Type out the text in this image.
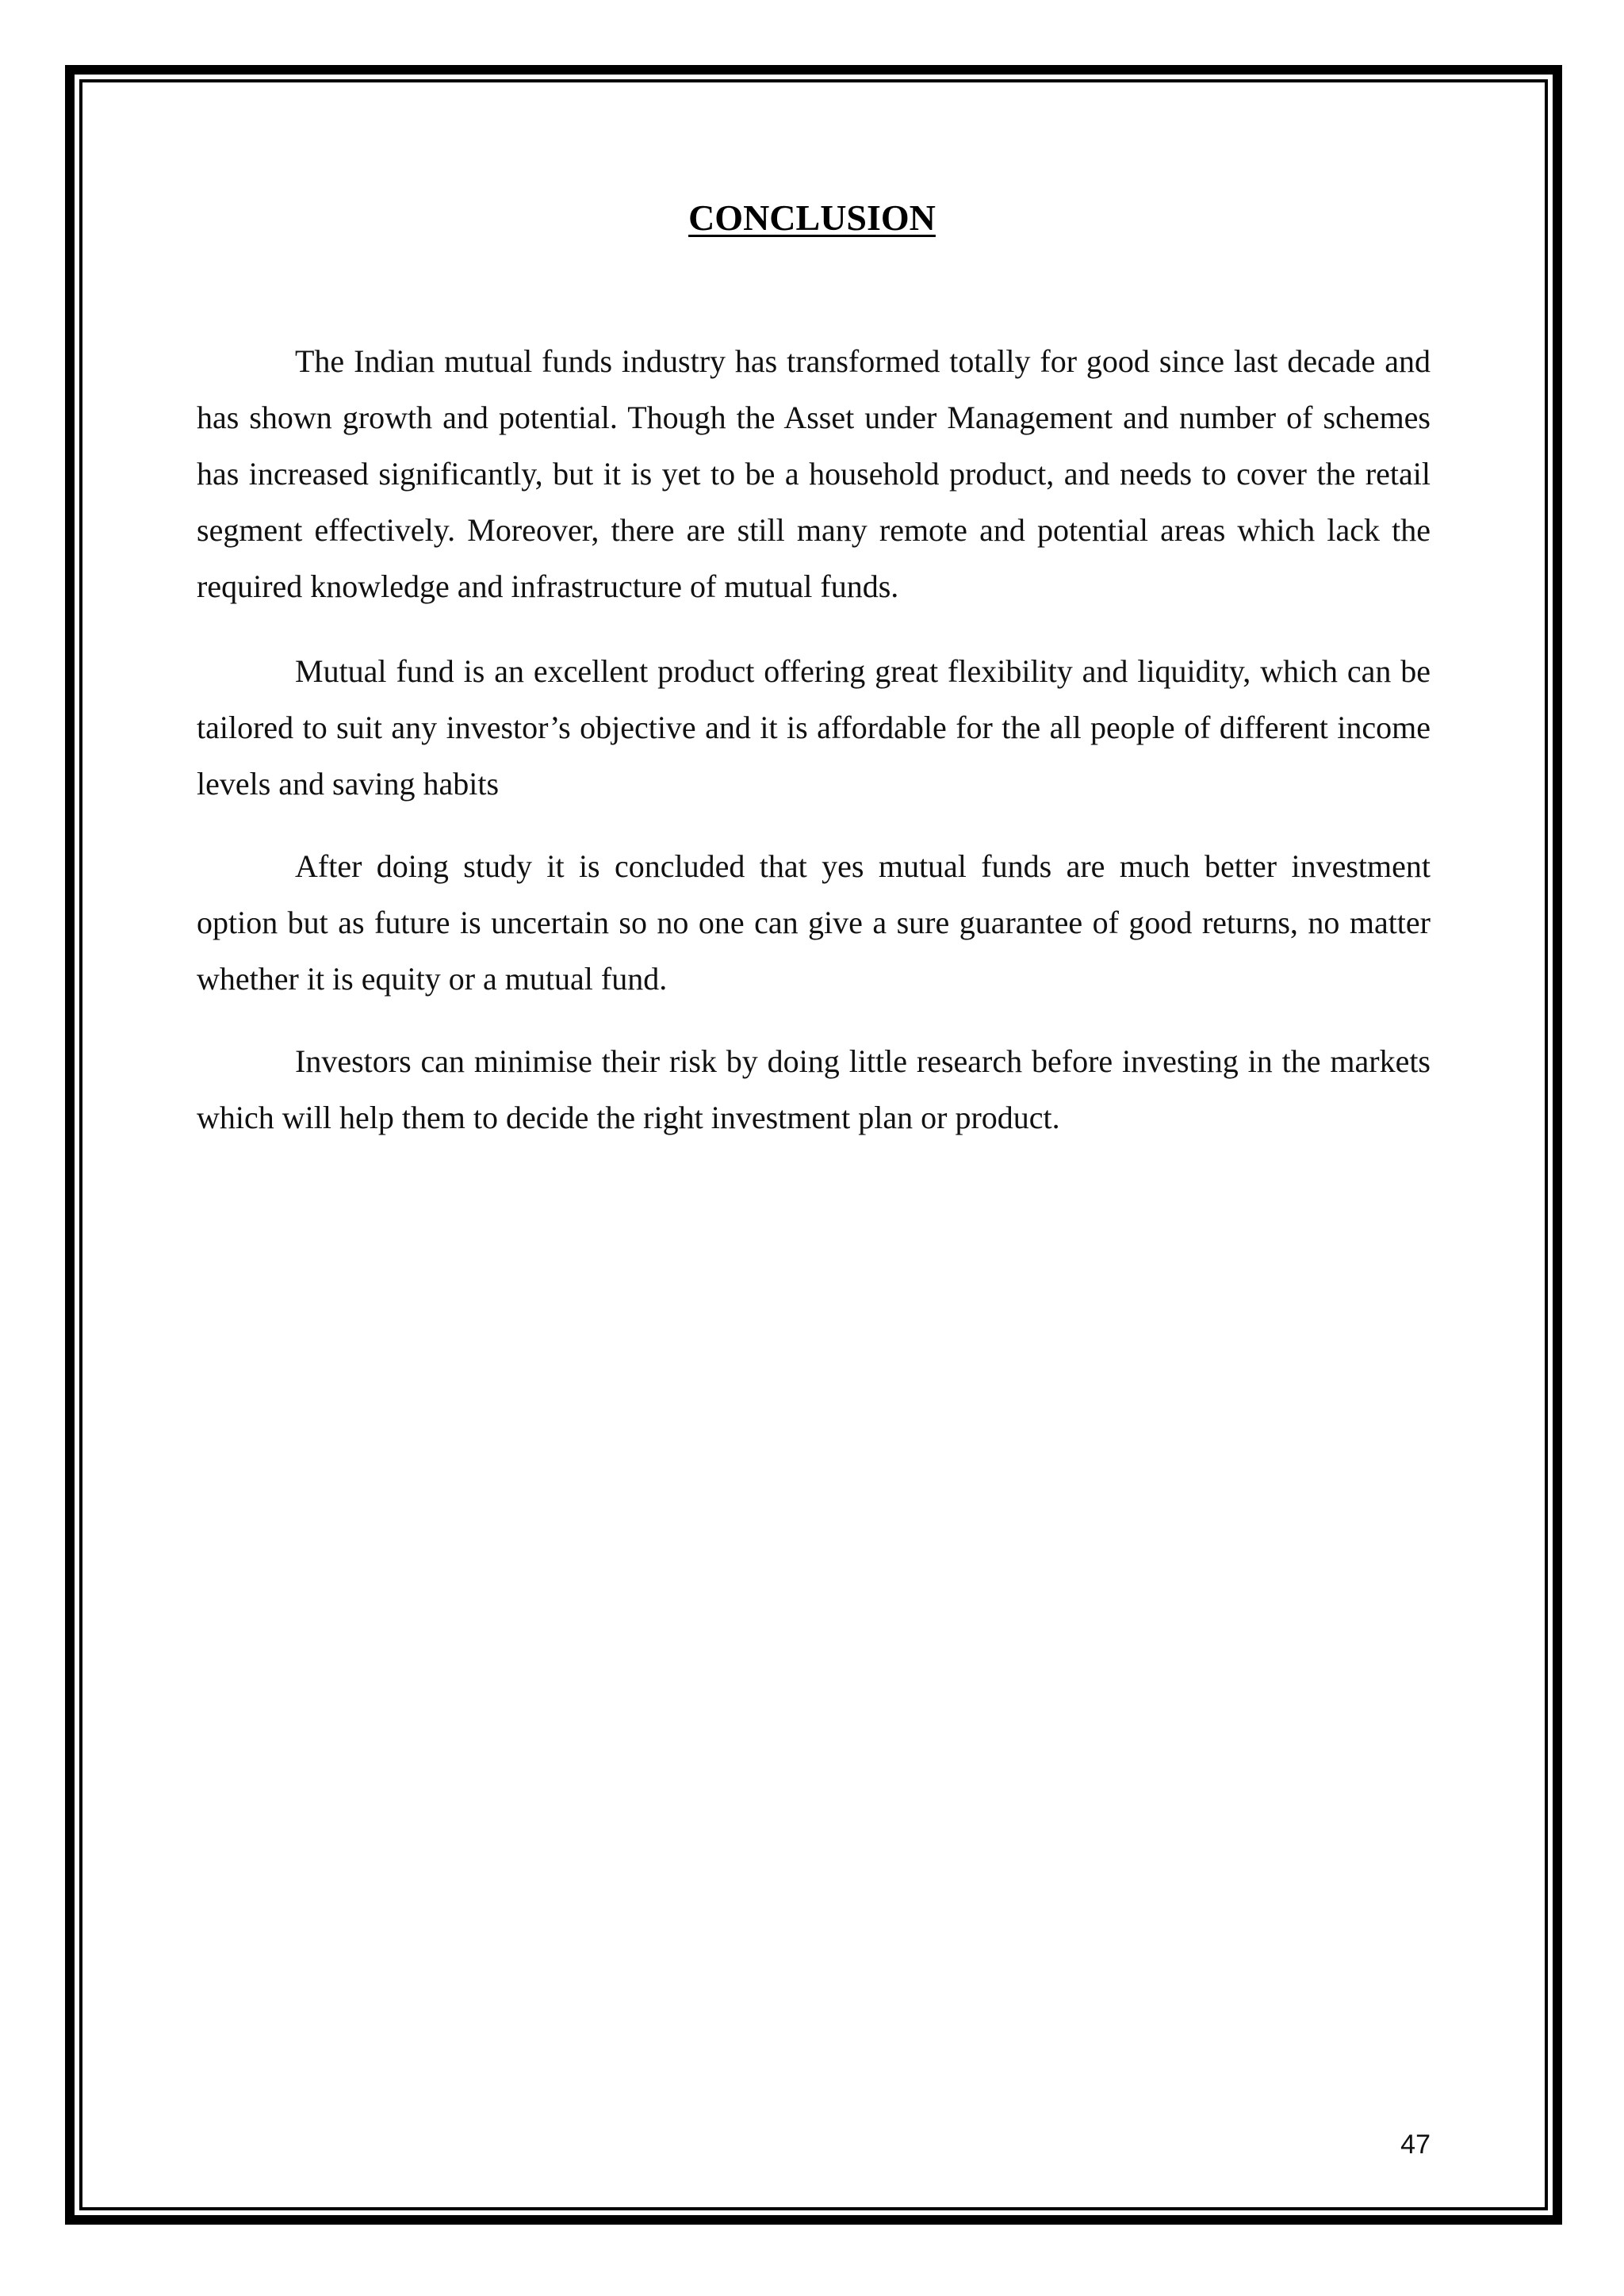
CONCLUSION

The Indian mutual funds industry has transformed totally for good since last decade and has shown growth and potential. Though the Asset under Management and number of schemes has increased significantly, but it is yet to be a household product, and needs to cover the retail segment effectively. Moreover, there are still many remote and potential areas which lack the required knowledge and infrastructure of mutual funds.

Mutual fund is an excellent product offering great flexibility and liquidity, which can be tailored to suit any investor’s objective and it is affordable for the all people of different income levels and saving habits

After doing study it is concluded that yes mutual funds are much better investment option but as future is uncertain so no one can give a sure guarantee of good returns, no matter whether it is equity or a mutual fund.

Investors can minimise their risk by doing little research before investing in the markets which will help them to decide the right investment plan or product.

47
